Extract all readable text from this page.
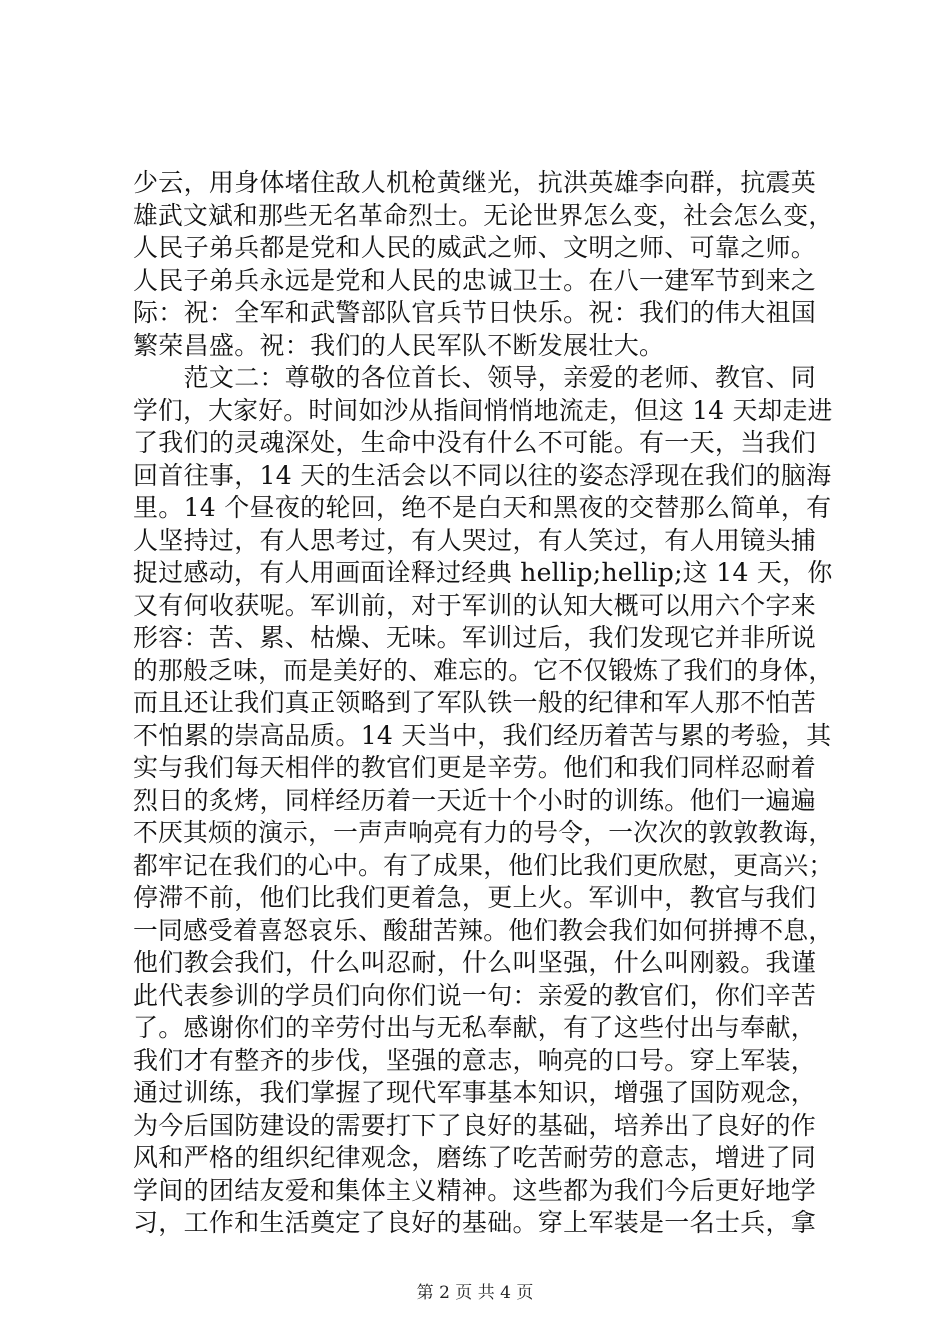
少云，用身体堵住敌人机枪黄继光，抗洪英雄李向群，抗震英
雄武文斌和那些无名革命烈士。无论世界怎么变，社会怎么变，
人民子弟兵都是党和人民的威武之师、文明之师、可靠之师。
人民子弟兵永远是党和人民的忠诚卫士。在八一建军节到来之
际：祝：全军和武警部队官兵节日快乐。祝：我们的伟大祖国
繁荣昌盛。祝：我们的人民军队不断发展壮大。
　　范文二：尊敬的各位首长、领导，亲爱的老师、教官、同
学们，大家好。时间如沙从指间悄悄地流走，但这 14 天却走进
了我们的灵魂深处，生命中没有什么不可能。有一天，当我们
回首往事，14 天的生活会以不同以往的姿态浮现在我们的脑海
里。14 个昼夜的轮回，绝不是白天和黑夜的交替那么简单，有
人坚持过，有人思考过，有人哭过，有人笑过，有人用镜头捕
捉过感动，有人用画面诠释过经典 hellip;hellip;这 14 天，你
又有何收获呢。军训前，对于军训的认知大概可以用六个字来
形容：苦、累、枯燥、无味。军训过后，我们发现它并非所说
的那般乏味，而是美好的、难忘的。它不仅锻炼了我们的身体，
而且还让我们真正领略到了军队铁一般的纪律和军人那不怕苦
不怕累的崇高品质。14 天当中，我们经历着苦与累的考验，其
实与我们每天相伴的教官们更是辛劳。他们和我们同样忍耐着
烈日的炙烤，同样经历着一天近十个小时的训练。他们一遍遍
不厌其烦的演示，一声声响亮有力的号令，一次次的敦敦教诲，
都牢记在我们的心中。有了成果，他们比我们更欣慰，更高兴；
停滞不前，他们比我们更着急，更上火。军训中，教官与我们
一同感受着喜怒哀乐、酸甜苦辣。他们教会我们如何拼搏不息，
他们教会我们，什么叫忍耐，什么叫坚强，什么叫刚毅。我谨
此代表参训的学员们向你们说一句：亲爱的教官们，你们辛苦
了。感谢你们的辛劳付出与无私奉献，有了这些付出与奉献，
我们才有整齐的步伐，坚强的意志，响亮的口号。穿上军装，
通过训练，我们掌握了现代军事基本知识，增强了国防观念，
为今后国防建设的需要打下了良好的基础，培养出了良好的作
风和严格的组织纪律观念，磨练了吃苦耐劳的意志，增进了同
学间的团结友爱和集体主义精神。这些都为我们今后更好地学
习，工作和生活奠定了良好的基础。穿上军装是一名士兵，拿
第 2 页 共 4 页
